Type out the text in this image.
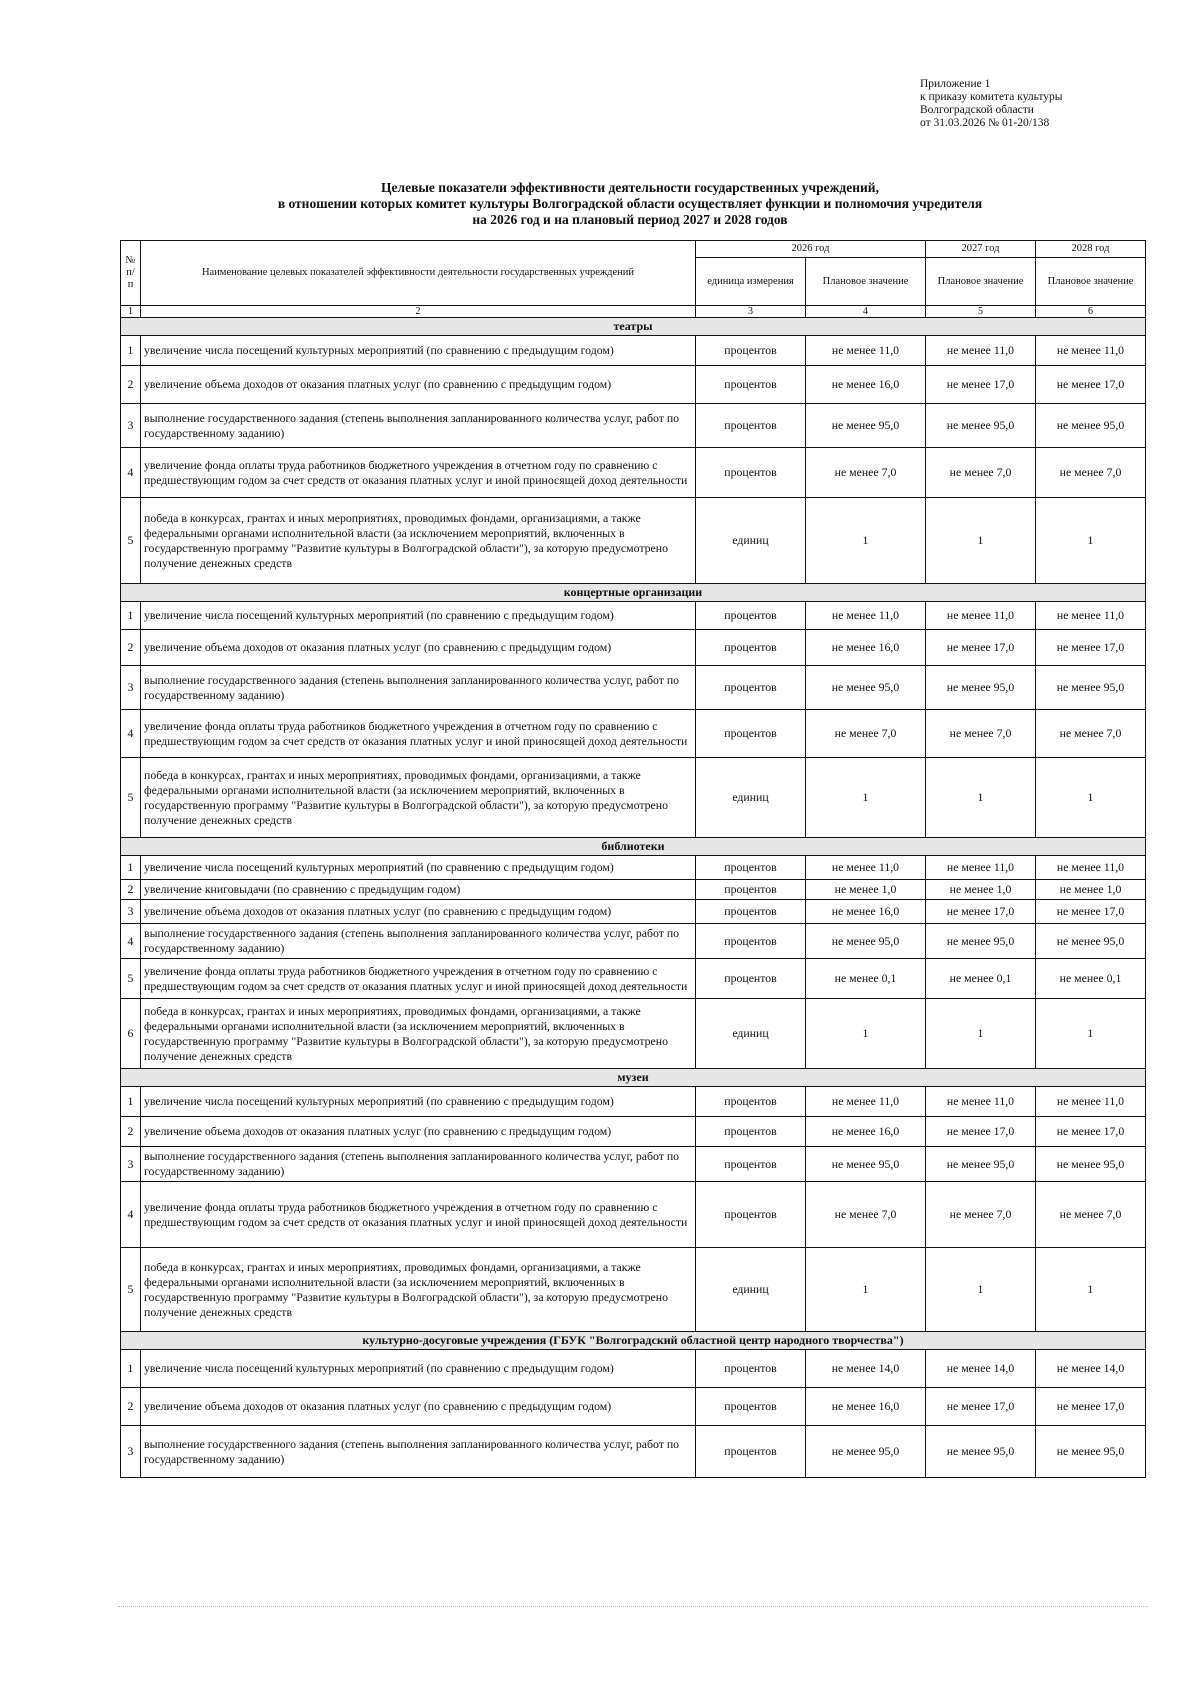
Приложение 1
к приказу комитета культуры
Волгоградской области
от 31.03.2026 № 01-20/138
Целевые показатели эффективности деятельности государственных учреждений,
в отношении которых комитет культуры Волгоградской области осуществляет функции и полномочия учредителя
на 2026 год и на плановый период 2027 и 2028 годов
№ п/п	Наименование целевых показателей эффективности деятельности государственных учреждений	2026 год		2027 год	2028 год
		единица измерения	Плановое значение	Плановое значение	Плановое значение
1	2	3	4	5	6
театры					
1	увеличение числа посещений культурных мероприятий (по сравнению с предыдущим годом)	процентов	не менее 11,0	не менее 11,0	не менее 11,0
2	увеличение объема доходов от оказания платных услуг (по сравнению с предыдущим годом)	процентов	не менее 16,0	не менее 17,0	не менее 17,0
3	выполнение государственного задания (степень выполнения запланированного количества услуг, работ по государственному заданию)	процентов	не менее 95,0	не менее 95,0	не менее 95,0
4	увеличение фонда оплаты труда работников бюджетного учреждения в отчетном году по сравнению с предшествующим годом за счет средств от оказания платных услуг и иной приносящей доход деятельности	процентов	не менее 7,0	не менее 7,0	не менее 7,0
5	победа в конкурсах, грантах и иных мероприятиях, проводимых фондами, организациями, а также федеральными органами исполнительной власти (за исключением мероприятий, включенных в государственную программу "Развитие культуры в Волгоградской области"), за которую предусмотрено получение денежных средств	единиц	1	1	1
концертные организации					
1	увеличение числа посещений культурных мероприятий (по сравнению с предыдущим годом)	процентов	не менее 11,0	не менее 11,0	не менее 11,0
2	увеличение объема доходов от оказания платных услуг (по сравнению с предыдущим годом)	процентов	не менее 16,0	не менее 17,0	не менее 17,0
3	выполнение государственного задания (степень выполнения запланированного количества услуг, работ по государственному заданию)	процентов	не менее 95,0	не менее 95,0	не менее 95,0
4	увеличение фонда оплаты труда работников бюджетного учреждения в отчетном году по сравнению с предшествующим годом за счет средств от оказания платных услуг и иной приносящей доход деятельности	процентов	не менее 7,0	не менее 7,0	не менее 7,0
5	победа в конкурсах, грантах и иных мероприятиях, проводимых фондами, организациями, а также федеральными органами исполнительной власти (за исключением мероприятий, включенных в государственную программу "Развитие культуры в Волгоградской области"), за которую предусмотрено получение денежных средств	единиц	1	1	1
библиотеки					
1	увеличение числа посещений культурных мероприятий (по сравнению с предыдущим годом)	процентов	не менее 11,0	не менее 11,0	не менее 11,0
2	увеличение книговыдачи (по сравнению с предыдущим годом)	процентов	не менее 1,0	не менее 1,0	не менее 1,0
3	увеличение объема доходов от оказания платных услуг (по сравнению с предыдущим годом)	процентов	не менее 16,0	не менее 17,0	не менее 17,0
4	выполнение государственного задания (степень выполнения запланированного количества услуг, работ по государственному заданию)	процентов	не менее 95,0	не менее 95,0	не менее 95,0
5	увеличение фонда оплаты труда работников бюджетного учреждения в отчетном году по сравнению с предшествующим годом за счет средств от оказания платных услуг и иной приносящей доход деятельности	процентов	не менее 0,1	не менее 0,1	не менее 0,1
6	победа в конкурсах, грантах и иных мероприятиях, проводимых фондами, организациями, а также федеральными органами исполнительной власти (за исключением мероприятий, включенных в государственную программу "Развитие культуры в Волгоградской области"), за которую предусмотрено получение денежных средств	единиц	1	1	1
музеи					
1	увеличение числа посещений культурных мероприятий (по сравнению с предыдущим годом)	процентов	не менее 11,0	не менее 11,0	не менее 11,0
2	увеличение объема доходов от оказания платных услуг (по сравнению с предыдущим годом)	процентов	не менее 16,0	не менее 17,0	не менее 17,0
3	выполнение государственного задания (степень выполнения запланированного количества услуг, работ по государственному заданию)	процентов	не менее 95,0	не менее 95,0	не менее 95,0
4	увеличение фонда оплаты труда работников бюджетного учреждения в отчетном году по сравнению с предшествующим годом за счет средств от оказания платных услуг и иной приносящей доход деятельности	процентов	не менее 7,0	не менее 7,0	не менее 7,0
5	победа в конкурсах, грантах и иных мероприятиях, проводимых фондами, организациями, а также федеральными органами исполнительной власти (за исключением мероприятий, включенных в государственную программу "Развитие культуры в Волгоградской области"), за которую предусмотрено получение денежных средств	единиц	1	1	1
культурно-досуговые учреждения (ГБУК "Волгоградский областной центр народного творчества")					
1	увеличение числа посещений культурных мероприятий (по сравнению с предыдущим годом)	процентов	не менее 14,0	не менее 14,0	не менее 14,0
2	увеличение объема доходов от оказания платных услуг (по сравнению с предыдущим годом)	процентов	не менее 16,0	не менее 17,0	не менее 17,0
3	выполнение государственного задания (степень выполнения запланированного количества услуг, работ по государственному заданию)	процентов	не менее 95,0	не менее 95,0	не менее 95,0
